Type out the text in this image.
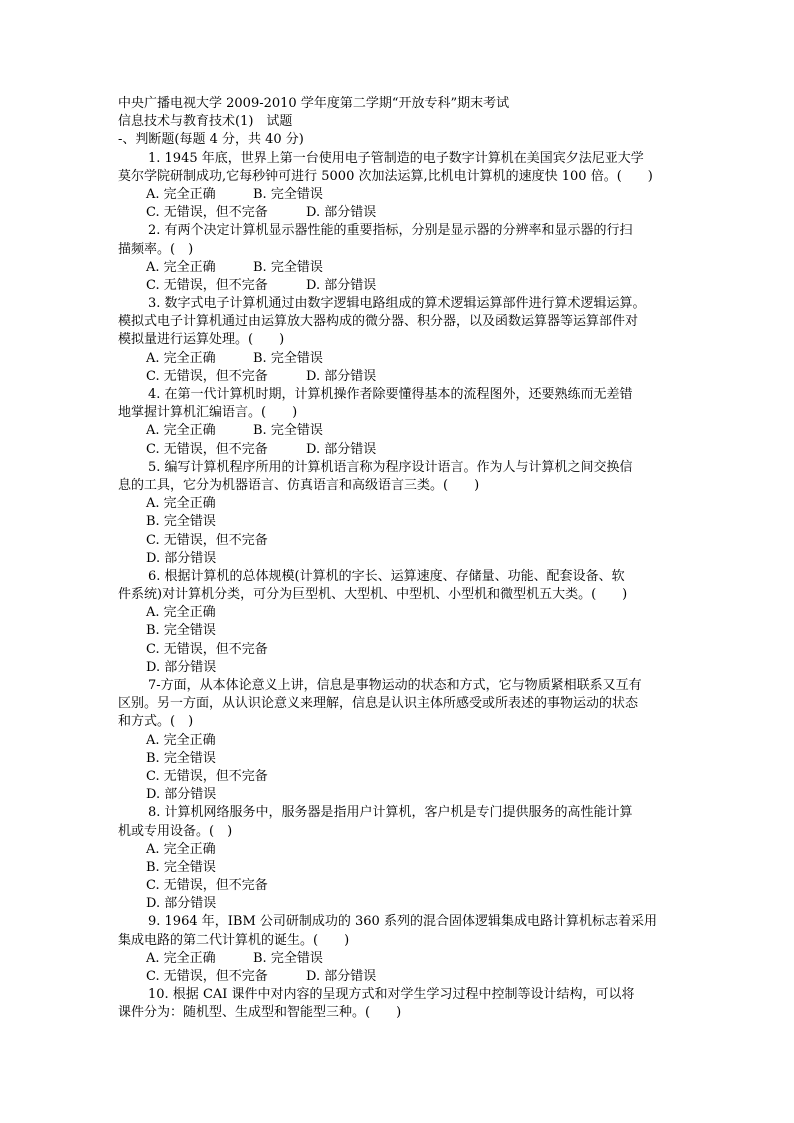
中央广播电视大学 2009-2010 学年度第二学期“开放专科”期末考试
信息技术与教育技术(1)　试题
-、判断题(每题 4 分，共 40 分)
1. 1945 年底，世界上第一台使用电子管制造的电子数字计算机在美国宾夕法尼亚大学
莫尔学院研制成功,它每秒钟可进行 5000 次加法运算,比机电计算机的速度快 100 倍。(　　)
A. 完全正确	B. 完全错误
C. 无错误，但不完备	D. 部分错误
2. 有两个决定计算机显示器性能的重要指标，分别是显示器的分辨率和显示器的行扫
描频率。(　)
A. 完全正确	B. 完全错误
C. 无错误，但不完备	D. 部分错误
3. 数字式电子计算机通过由数字逻辑电路组成的算术逻辑运算部件进行算术逻辑运算。
模拟式电子计算机通过由运算放大器构成的微分器、积分器，以及函数运算器等运算部件对
模拟量进行运算处理。(　　)
A. 完全正确	B. 完全错误
C. 无错误，但不完备	D. 部分错误
4. 在第一代计算机时期，计算机操作者除要懂得基本的流程图外，还要熟练而无差错
地掌握计算机汇编语言。(　　)
A. 完全正确	B. 完全错误
C. 无错误，但不完备	D. 部分错误
5. 编写计算机程序所用的计算机语言称为程序设计语言。作为人与计算机之间交换信
息的工具，它分为机器语言、仿真语言和高级语言三类。(　　)
A. 完全正确
B. 完全错误
C. 无错误，但不完备
D. 部分错误
6. 根据计算机的总体规模(计算机的字长、运算速度、存储量、功能、配套设备、软
件系统)对计算机分类，可分为巨型机、大型机、中型机、小型机和微型机五大类。(　　)
A. 完全正确
B. 完全错误
C. 无错误，但不完备
D. 部分错误
7-方面，从本体论意义上讲，信息是事物运动的状态和方式，它与物质紧相联系又互有
区别。另一方面，从认识论意义来理解，信息是认识主体所感受或所表述的事物运动的状态
和方式。(　)
A. 完全正确
B. 完全错误
C. 无错误，但不完备
D. 部分错误
8. 计算机网络服务中，服务器是指用户计算机，客户机是专门提供服务的高性能计算
机或专用设备。(　)
A. 完全正确
B. 完全错误
C. 无错误，但不完备
D. 部分错误
9. 1964 年，IBM 公司研制成功的 360 系列的混合固体逻辑集成电路计算机标志着采用
集成电路的第二代计算机的诞生。(　　)
A. 完全正确	B. 完全错误
C. 无错误，但不完备	D. 部分错误
10. 根据 CAI 课件中对内容的呈现方式和对学生学习过程中控制等设计结构，可以将
课件分为：随机型、生成型和智能型三种。(　　)
